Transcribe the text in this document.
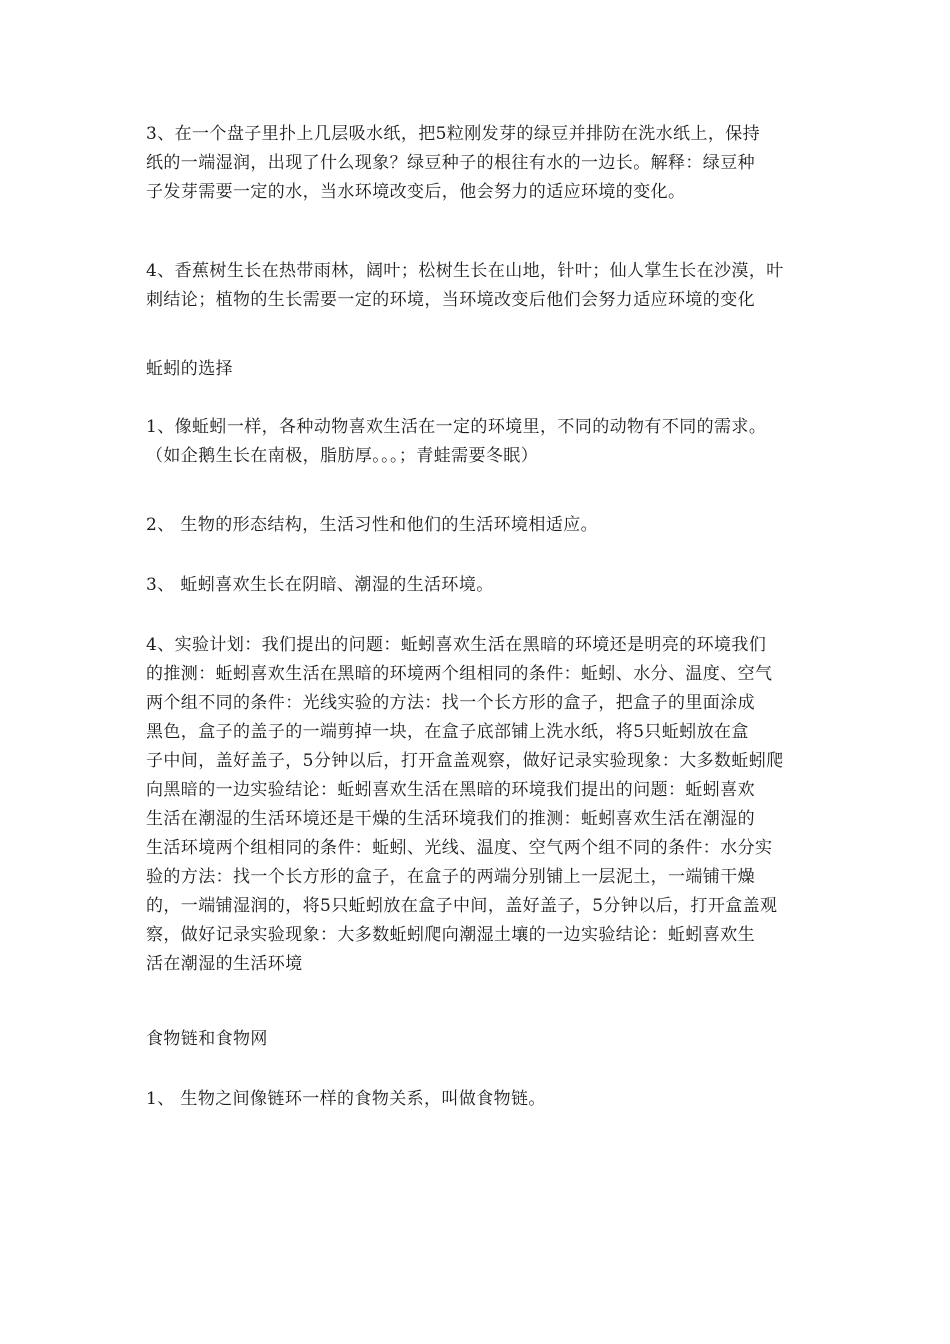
3、在一个盘子里扑上几层吸水纸，把5粒刚发芽的绿豆并排防在洗水纸上，保持
纸的一端湿润，出现了什么现象？绿豆种子的根往有水的一边长。解释：绿豆种
子发芽需要一定的水，当水环境改变后，他会努力的适应环境的变化。
4、香蕉树生长在热带雨林，阔叶；松树生长在山地，针叶；仙人掌生长在沙漠，叶
刺结论；植物的生长需要一定的环境，当环境改变后他们会努力适应环境的变化
蚯蚓的选择
1、像蚯蚓一样，各种动物喜欢生活在一定的环境里，不同的动物有不同的需求。
（如企鹅生长在南极，脂肪厚。。。；青蛙需要冬眠）
2、 生物的形态结构，生活习性和他们的生活环境相适应。
3、 蚯蚓喜欢生长在阴暗、潮湿的生活环境。
4、实验计划：我们提出的问题：蚯蚓喜欢生活在黑暗的环境还是明亮的环境我们
的推测：蚯蚓喜欢生活在黑暗的环境两个组相同的条件：蚯蚓、水分、温度、空气
两个组不同的条件：光线实验的方法：找一个长方形的盒子，把盒子的里面涂成
黑色，盒子的盖子的一端剪掉一块，在盒子底部铺上洗水纸，将5只蚯蚓放在盒
子中间，盖好盖子，5分钟以后，打开盒盖观察，做好记录实验现象：大多数蚯蚓爬
向黑暗的一边实验结论：蚯蚓喜欢生活在黑暗的环境我们提出的问题：蚯蚓喜欢
生活在潮湿的生活环境还是干燥的生活环境我们的推测：蚯蚓喜欢生活在潮湿的
生活环境两个组相同的条件：蚯蚓、光线、温度、空气两个组不同的条件：水分实
验的方法：找一个长方形的盒子，在盒子的两端分别铺上一层泥土，一端铺干燥
的，一端铺湿润的，将5只蚯蚓放在盒子中间，盖好盖子，5分钟以后，打开盒盖观
察，做好记录实验现象：大多数蚯蚓爬向潮湿土壤的一边实验结论：蚯蚓喜欢生
活在潮湿的生活环境
食物链和食物网
1、 生物之间像链环一样的食物关系，叫做食物链。
